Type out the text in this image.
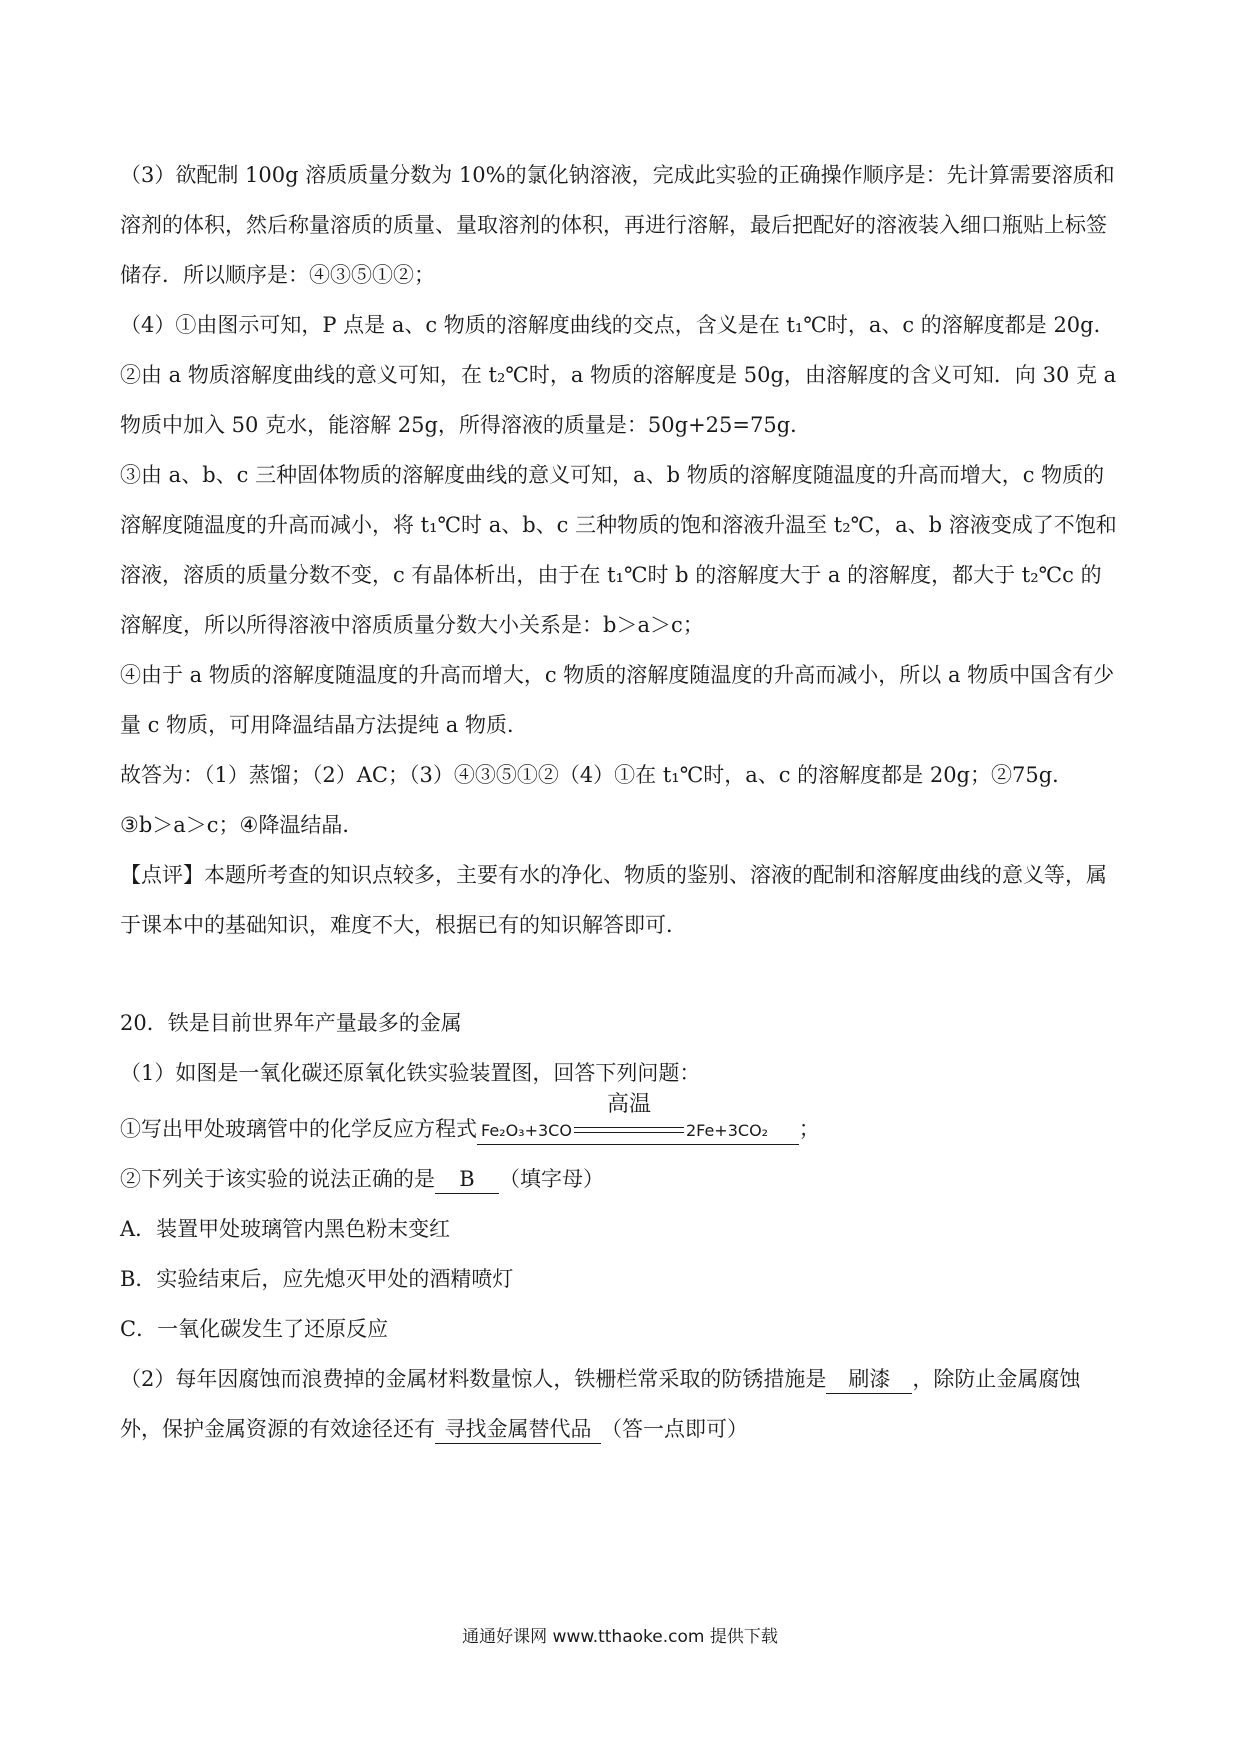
（3）欲配制 100g 溶质质量分数为 10%的氯化钠溶液，完成此实验的正确操作顺序是：先计算需要溶质和溶剂的体积，然后称量溶质的质量、量取溶剂的体积，再进行溶解，最后把配好的溶液装入细口瓶贴上标签储存．所以顺序是：④③⑤①②；

（4）①由图示可知，P 点是 a、c 物质的溶解度曲线的交点，含义是在 t₁℃时，a、c 的溶解度都是 20g．

②由 a 物质溶解度曲线的意义可知，在 t₂℃时，a 物质的溶解度是 50g，由溶解度的含义可知．向 30 克 a 物质中加入 50 克水，能溶解 25g，所得溶液的质量是：50g+25=75g．

③由 a、b、c 三种固体物质的溶解度曲线的意义可知，a、b 物质的溶解度随温度的升高而增大，c 物质的溶解度随温度的升高而减小，将 t₁℃时 a、b、c 三种物质的饱和溶液升温至 t₂℃，a、b 溶液变成了不饱和溶液，溶质的质量分数不变，c 有晶体析出，由于在 t₁℃时 b 的溶解度大于 a 的溶解度，都大于 t₂℃c 的溶解度，所以所得溶液中溶质质量分数大小关系是：b＞a＞c；

④由于 a 物质的溶解度随温度的升高而增大，c 物质的溶解度随温度的升高而减小，所以 a 物质中国含有少量 c 物质，可用降温结晶方法提纯 a 物质．

故答为：（1）蒸馏；（2）AC；（3）④③⑤①②（4）①在 t₁℃时，a、c 的溶解度都是 20g；②75g．

③b＞a＞c；④降温结晶．

【点评】本题所考查的知识点较多，主要有水的净化、物质的鉴别、溶液的配制和溶解度曲线的意义等，属于课本中的基础知识，难度不大，根据已有的知识解答即可．

20．铁是目前世界年产量最多的金属

（1）如图是一氧化碳还原氧化铁实验装置图，回答下列问题：

①写出甲处玻璃管中的化学反应方程式 Fe₂O₃+3CO
高温
2Fe+3CO₂ ；

②下列关于该实验的说法正确的是 B （填字母）

A．装置甲处玻璃管内黑色粉末变红

B．实验结束后，应先熄灭甲处的酒精喷灯

C．一氧化碳发生了还原反应

（2）每年因腐蚀而浪费掉的金属材料数量惊人，铁栅栏常采取的防锈措施是 刷漆 ，除防止金属腐蚀外，保护金属资源的有效途径还有 寻找金属替代品 （答一点即可）

通通好课网 www.tthaoke.com 提供下载
